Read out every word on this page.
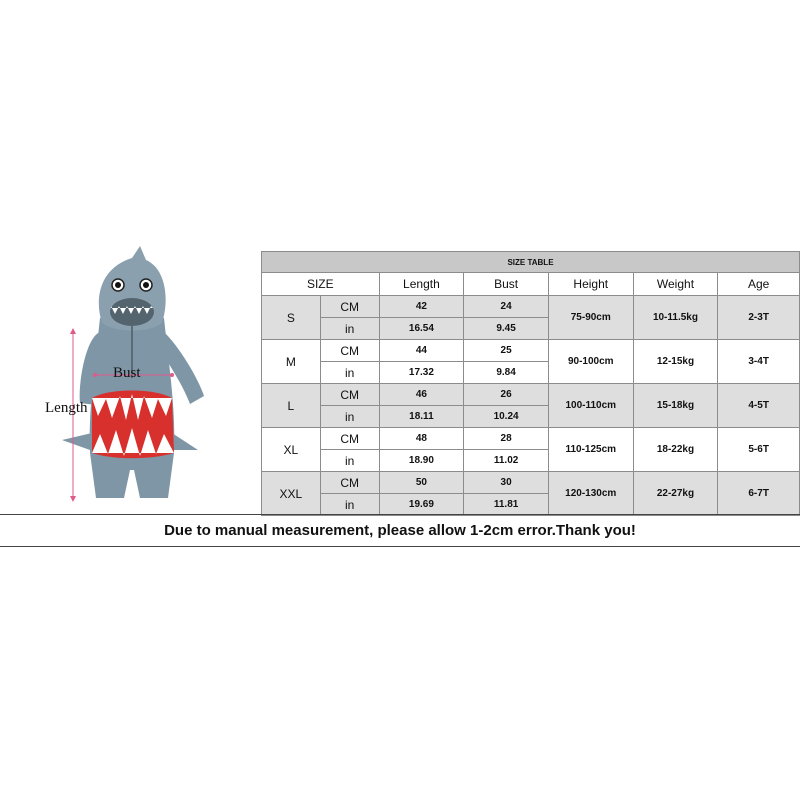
Bust
Length
SIZE TABLE						
SIZE		Length	Bust	Height	Weight	Age
S	CM	42	24	75-90cm	10-11.5kg	2-3T
	in	16.54	9.45			
M	CM	44	25	90-100cm	12-15kg	3-4T
	in	17.32	9.84			
L	CM	46	26	100-110cm	15-18kg	4-5T
	in	18.11	10.24			
XL	CM	48	28	110-125cm	18-22kg	5-6T
	in	18.90	11.02			
XXL	CM	50	30	120-130cm	22-27kg	6-7T
	in	19.69	11.81			
Due to manual measurement, please allow 1-2cm error.Thank you!
